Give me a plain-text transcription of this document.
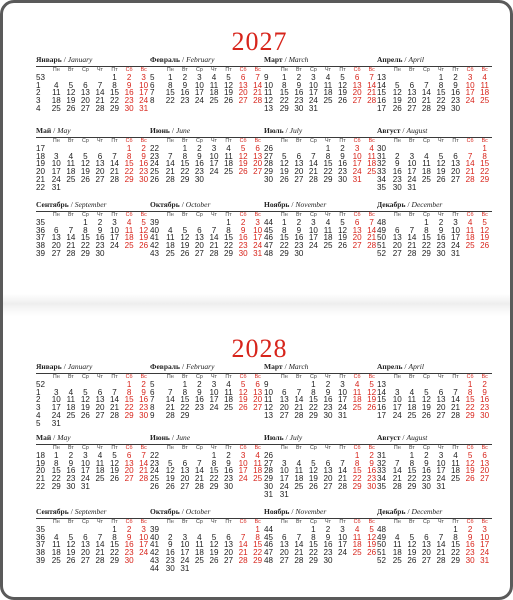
2027
Январь / January
	Пн	Вт	Ср	Чт	Пт	Сб	Вс
53					1	2	3
1	4	5	6	7	8	9	10
2	11	12	13	14	15	16	17
3	18	19	20	21	22	23	24
4	25	26	27	28	29	30	31
Февраль / February
	Пн	Вт	Ср	Чт	Пт	Сб	Вс
5	1	2	3	4	5	6	7
6	8	9	10	11	12	13	14
7	15	16	17	18	19	20	21
8	22	23	24	25	26	27	28
Март / March
	Пн	Вт	Ср	Чт	Пт	Сб	Вс
9	1	2	3	4	5	6	7
10	8	9	10	11	12	13	14
11	15	16	17	18	19	20	21
12	22	23	24	25	26	27	28
13	29	30	31				
Апрель / April
	Пн	Вт	Ср	Чт	Пт	Сб	Вс
13				1	2	3	4
14	5	6	7	8	9	10	11
15	12	13	14	15	16	17	18
16	19	20	21	22	23	24	25
17	26	27	28	29	30		
Май / May
	Пн	Вт	Ср	Чт	Пт	Сб	Вс
17						1	2
18	3	4	5	6	7	8	9
19	10	11	12	13	14	15	16
20	17	18	19	20	21	22	23
21	24	25	26	27	28	29	30
22	31						
Июнь / June
	Пн	Вт	Ср	Чт	Пт	Сб	Вс
22		1	2	3	4	5	6
23	7	8	9	10	11	12	13
24	14	15	16	17	18	19	20
25	21	22	23	24	25	26	27
26	28	29	30				
Июль / July
	Пн	Вт	Ср	Чт	Пт	Сб	Вс
26				1	2	3	4
27	5	6	7	8	9	10	11
28	12	13	14	15	16	17	18
29	19	20	21	22	23	24	25
30	26	27	28	29	30	31	
Август / August
	Пн	Вт	Ср	Чт	Пт	Сб	Вс
30							1
31	2	3	4	5	6	7	8
32	9	10	11	12	13	14	15
33	16	17	18	19	20	21	22
34	23	24	25	26	27	28	29
35	30	31					
Сентябрь / September
	Пн	Вт	Ср	Чт	Пт	Сб	Вс
35			1	2	3	4	5
36	6	7	8	9	10	11	12
37	13	14	15	16	17	18	19
38	20	21	22	23	24	25	26
39	27	28	29	30			
Октябрь / October
	Пн	Вт	Ср	Чт	Пт	Сб	Вс
39					1	2	3
40	4	5	6	7	8	9	10
41	11	12	13	14	15	16	17
42	18	19	20	21	22	23	24
43	25	26	27	28	29	30	31
Ноябрь / November
	Пн	Вт	Ср	Чт	Пт	Сб	Вс
44	1	2	3	4	5	6	7
45	8	9	10	11	12	13	14
46	15	16	17	18	19	20	21
47	22	23	24	25	26	27	28
48	29	30					
Декабрь / December
	Пн	Вт	Ср	Чт	Пт	Сб	Вс
48			1	2	3	4	5
49	6	7	8	9	10	11	12
50	13	14	15	16	17	18	19
51	20	21	22	23	24	25	26
52	27	28	29	30	31		
2028
Январь / January
	Пн	Вт	Ср	Чт	Пт	Сб	Вс
52						1	2
1	3	4	5	6	7	8	9
2	10	11	12	13	14	15	16
3	17	18	19	20	21	22	23
4	24	25	26	27	28	29	30
5	31						
Февраль / February
	Пн	Вт	Ср	Чт	Пт	Сб	Вс
5		1	2	3	4	5	6
6	7	8	9	10	11	12	13
7	14	15	16	17	18	19	20
8	21	22	23	24	25	26	27
9	28	29					
Март / March
	Пн	Вт	Ср	Чт	Пт	Сб	Вс
9			1	2	3	4	5
10	6	7	8	9	10	11	12
11	13	14	15	16	17	18	19
12	20	21	22	23	24	25	26
13	27	28	29	30	31		
Апрель / April
	Пн	Вт	Ср	Чт	Пт	Сб	Вс
13						1	2
14	3	4	5	6	7	8	9
15	10	11	12	13	14	15	16
16	17	18	19	20	21	22	23
17	24	25	26	27	28	29	30
Май / May
	Пн	Вт	Ср	Чт	Пт	Сб	Вс
18	1	2	3	4	5	6	7
19	8	9	10	11	12	13	14
20	15	16	17	18	19	20	21
21	22	23	24	25	26	27	28
22	29	30	31				
Июнь / June
	Пн	Вт	Ср	Чт	Пт	Сб	Вс
22				1	2	3	4
23	5	6	7	8	9	10	11
24	12	13	14	15	16	17	18
25	19	20	21	22	23	24	25
26	26	27	28	29	30		
Июль / July
	Пн	Вт	Ср	Чт	Пт	Сб	Вс
26						1	2
27	3	4	5	6	7	8	9
28	10	11	12	13	14	15	16
29	17	18	19	20	21	22	23
30	24	25	26	27	28	29	30
31	31						
Август / August
	Пн	Вт	Ср	Чт	Пт	Сб	Вс
31		1	2	3	4	5	6
32	7	8	9	10	11	12	13
33	14	15	16	17	18	19	20
34	21	22	23	24	25	26	27
35	28	29	30	31			
Сентябрь / September
	Пн	Вт	Ср	Чт	Пт	Сб	Вс
35					1	2	3
36	4	5	6	7	8	9	10
37	11	12	13	14	15	16	17
38	18	19	20	21	22	23	24
39	25	26	27	28	29	30	
Октябрь / October
	Пн	Вт	Ср	Чт	Пт	Сб	Вс
39							1
40	2	3	4	5	6	7	8
41	9	10	11	12	13	14	15
42	16	17	18	19	20	21	22
43	23	24	25	26	27	28	29
44	30	31					
Ноябрь / November
	Пн	Вт	Ср	Чт	Пт	Сб	Вс
44			1	2	3	4	5
45	6	7	8	9	10	11	12
46	13	14	15	16	17	18	19
47	20	21	22	23	24	25	26
48	27	28	29	30			
Декабрь / December
	Пн	Вт	Ср	Чт	Пт	Сб	Вс
48					1	2	3
49	4	5	6	7	8	9	10
50	11	12	13	14	15	16	17
51	18	19	20	21	22	23	24
52	25	26	27	28	29	30	31
